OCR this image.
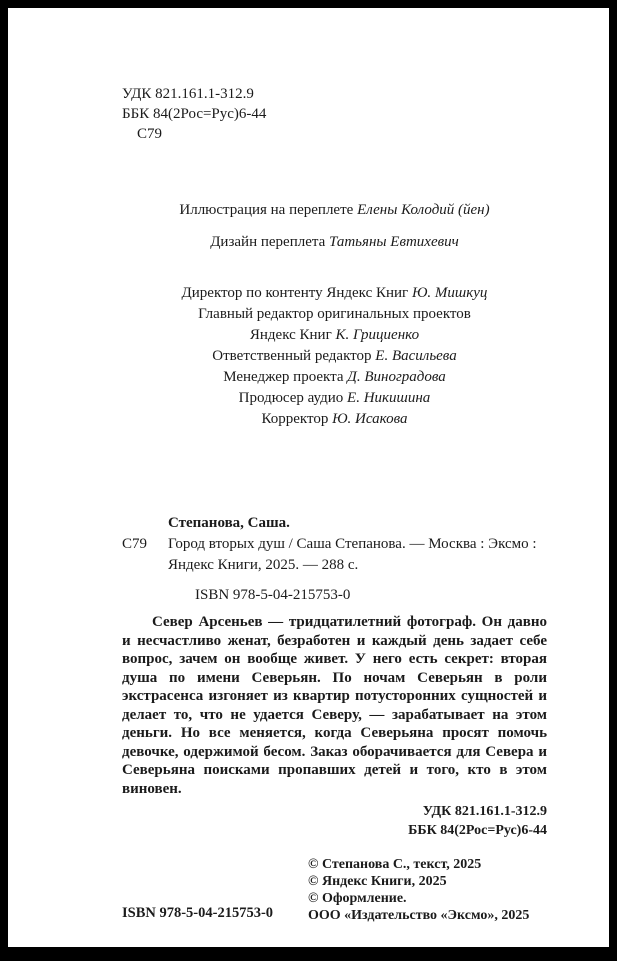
УДК 821.161.1-312.9
ББК 84(2Рос=Рус)6-44
С79
Иллюстрация на переплете Елены Колодий (йен)
Дизайн переплета Татьяны Евтихевич
Директор по контенту Яндекс Книг Ю. Мишкуц
Главный редактор оригинальных проектов
Яндекс Книг К. Грициенко
Ответственный редактор Е. Васильева
Менеджер проекта Д. Виноградова
Продюсер аудио Е. Никишина
Корректор Ю. Исакова
Степанова, Саша.
С79 Город вторых душ / Саша Степанова. — Москва : Эксмо : Яндекс Книги, 2025. — 288 с.
ISBN 978-5-04-215753-0

Север Арсеньев — тридцатилетний фотограф. Он давно и несчастливо женат, безработен и каждый день задает себе вопрос, зачем он вообще живет. У него есть секрет: вторая душа по имени Северьян. По ночам Северьян в роли экстрасенса изгоняет из квартир потусторонних сущностей и делает то, что не удается Северу, — зарабатывает на этом деньги. Но все меняется, когда Северьяна просят помочь девочке, одержимой бесом. Заказ оборачивается для Севера и Северьяна поисками пропавших детей и того, кто в этом виновен.

УДК 821.161.1-312.9
ББК 84(2Рос=Рус)6-44
ISBN 978-5-04-215753-0
© Степанова С., текст, 2025
© Яндекс Книги, 2025
© Оформление.
ООО «Издательство «Эксмо», 2025
